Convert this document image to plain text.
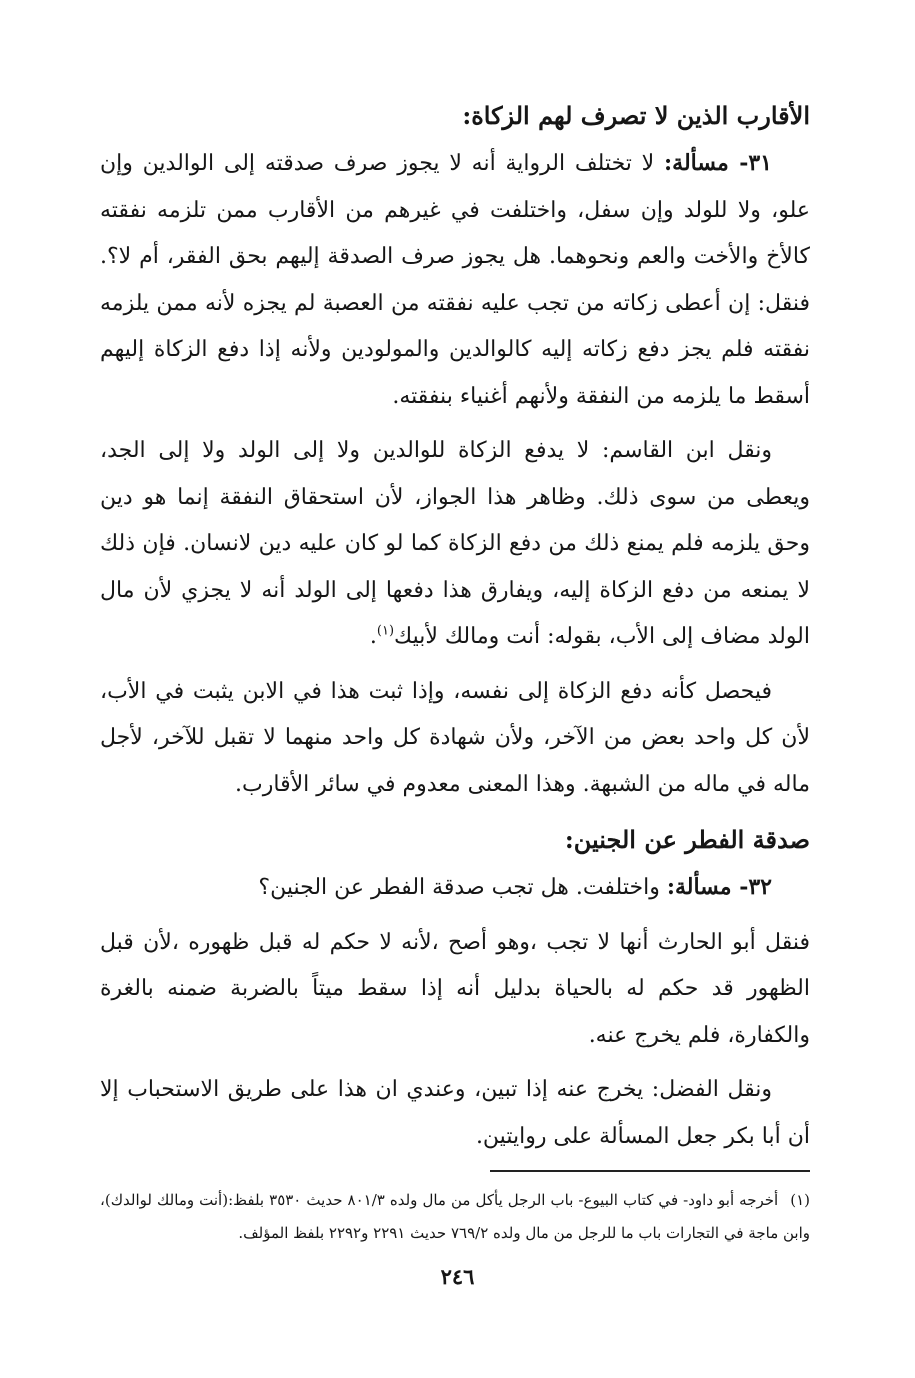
الأقارب الذين لا تصرف لهم الزكاة:

٣١- مسألة: لا تختلف الرواية أنه لا يجوز صرف صدقته إلى الوالدين وإن علو، ولا للولد وإن سفل، واختلفت في غيرهم من الأقارب ممن تلزمه نفقته كالأخ والأخت والعم ونحوهما. هل يجوز صرف الصدقة إليهم بحق الفقر، أم لا؟. فنقل: إن أعطى زكاته من تجب عليه نفقته من العصبة لم يجزه لأنه ممن يلزمه نفقته فلم يجز دفع زكاته إليه كالوالدين والمولودين ولأنه إذا دفع الزكاة إليهم أسقط ما يلزمه من النفقة ولأنهم أغنياء بنفقته.

ونقل ابن القاسم: لا يدفع الزكاة للوالدين ولا إلى الولد ولا إلى الجد، ويعطى من سوى ذلك. وظاهر هذا الجواز، لأن استحقاق النفقة إنما هو دين وحق يلزمه فلم يمنع ذلك من دفع الزكاة كما لو كان عليه دين لانسان. فإن ذلك لا يمنعه من دفع الزكاة إليه، ويفارق هذا دفعها إلى الولد أنه لا يجزي لأن مال الولد مضاف إلى الأب، بقوله: أنت ومالك لأبيك$^{(١)}$.

فيحصل كأنه دفع الزكاة إلى نفسه، وإذا ثبت هذا في الابن يثبت في الأب، لأن كل واحد بعض من الآخر، ولأن شهادة كل واحد منهما لا تقبل للآخر، لأجل ماله في ماله من الشبهة. وهذا المعنى معدوم في سائر الأقارب.

صدقة الفطر عن الجنين:

٣٢- مسألة: واختلفت. هل تجب صدقة الفطر عن الجنين؟

فنقل أبو الحارث أنها لا تجب ،وهو أصح ،لأنه لا حكم له قبل ظهوره ،لأن قبل الظهور قد حكم له بالحياة بدليل أنه إذا سقط ميتاً بالضربة ضمنه بالغرة والكفارة، فلم يخرج عنه.

ونقل الفضل: يخرج عنه إذا تبين، وعندي ان هذا على طريق الاستحباب إلا أن أبا بكر جعل المسألة على روايتين.

(١)أخرجه أبو داود- في كتاب البيوع- باب الرجل يأكل من مال ولده ٨٠١/٣ حديث ٣٥٣٠ بلفظ:(أنت ومالك لوالدك)، وابن ماجة في التجارات باب ما للرجل من مال ولده ٧٦٩/٢ حديث ٢٢٩١ و٢٢٩٢ بلفظ المؤلف.

٢٤٦
